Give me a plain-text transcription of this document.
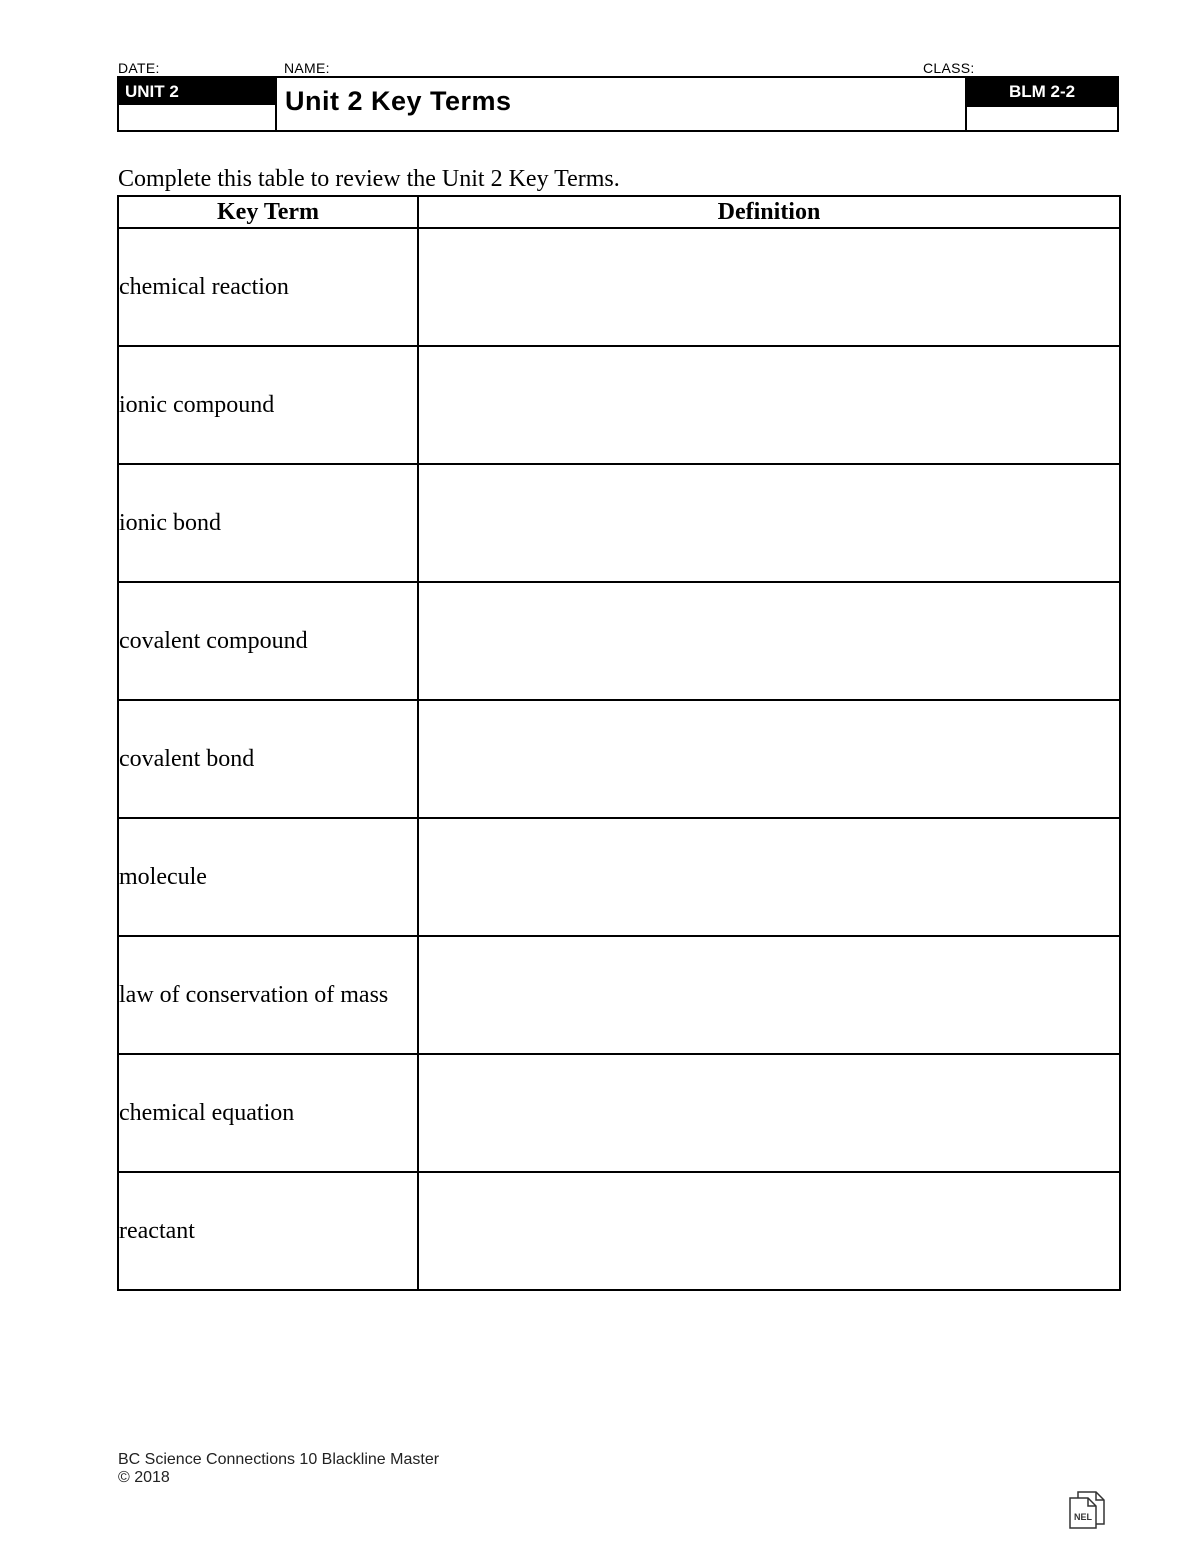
DATE:	NAME:	CLASS:
UNIT 2	Unit 2 Key Terms	BLM 2-2
Complete this table to review the Unit 2 Key Terms.
Key Term	Definition
chemical reaction	
ionic compound	
ionic bond	
covalent compound	
covalent bond	
molecule	
law of conservation of mass	
chemical equation	
reactant	
BC Science Connections 10 Blackline Master
© 2018
NEL
